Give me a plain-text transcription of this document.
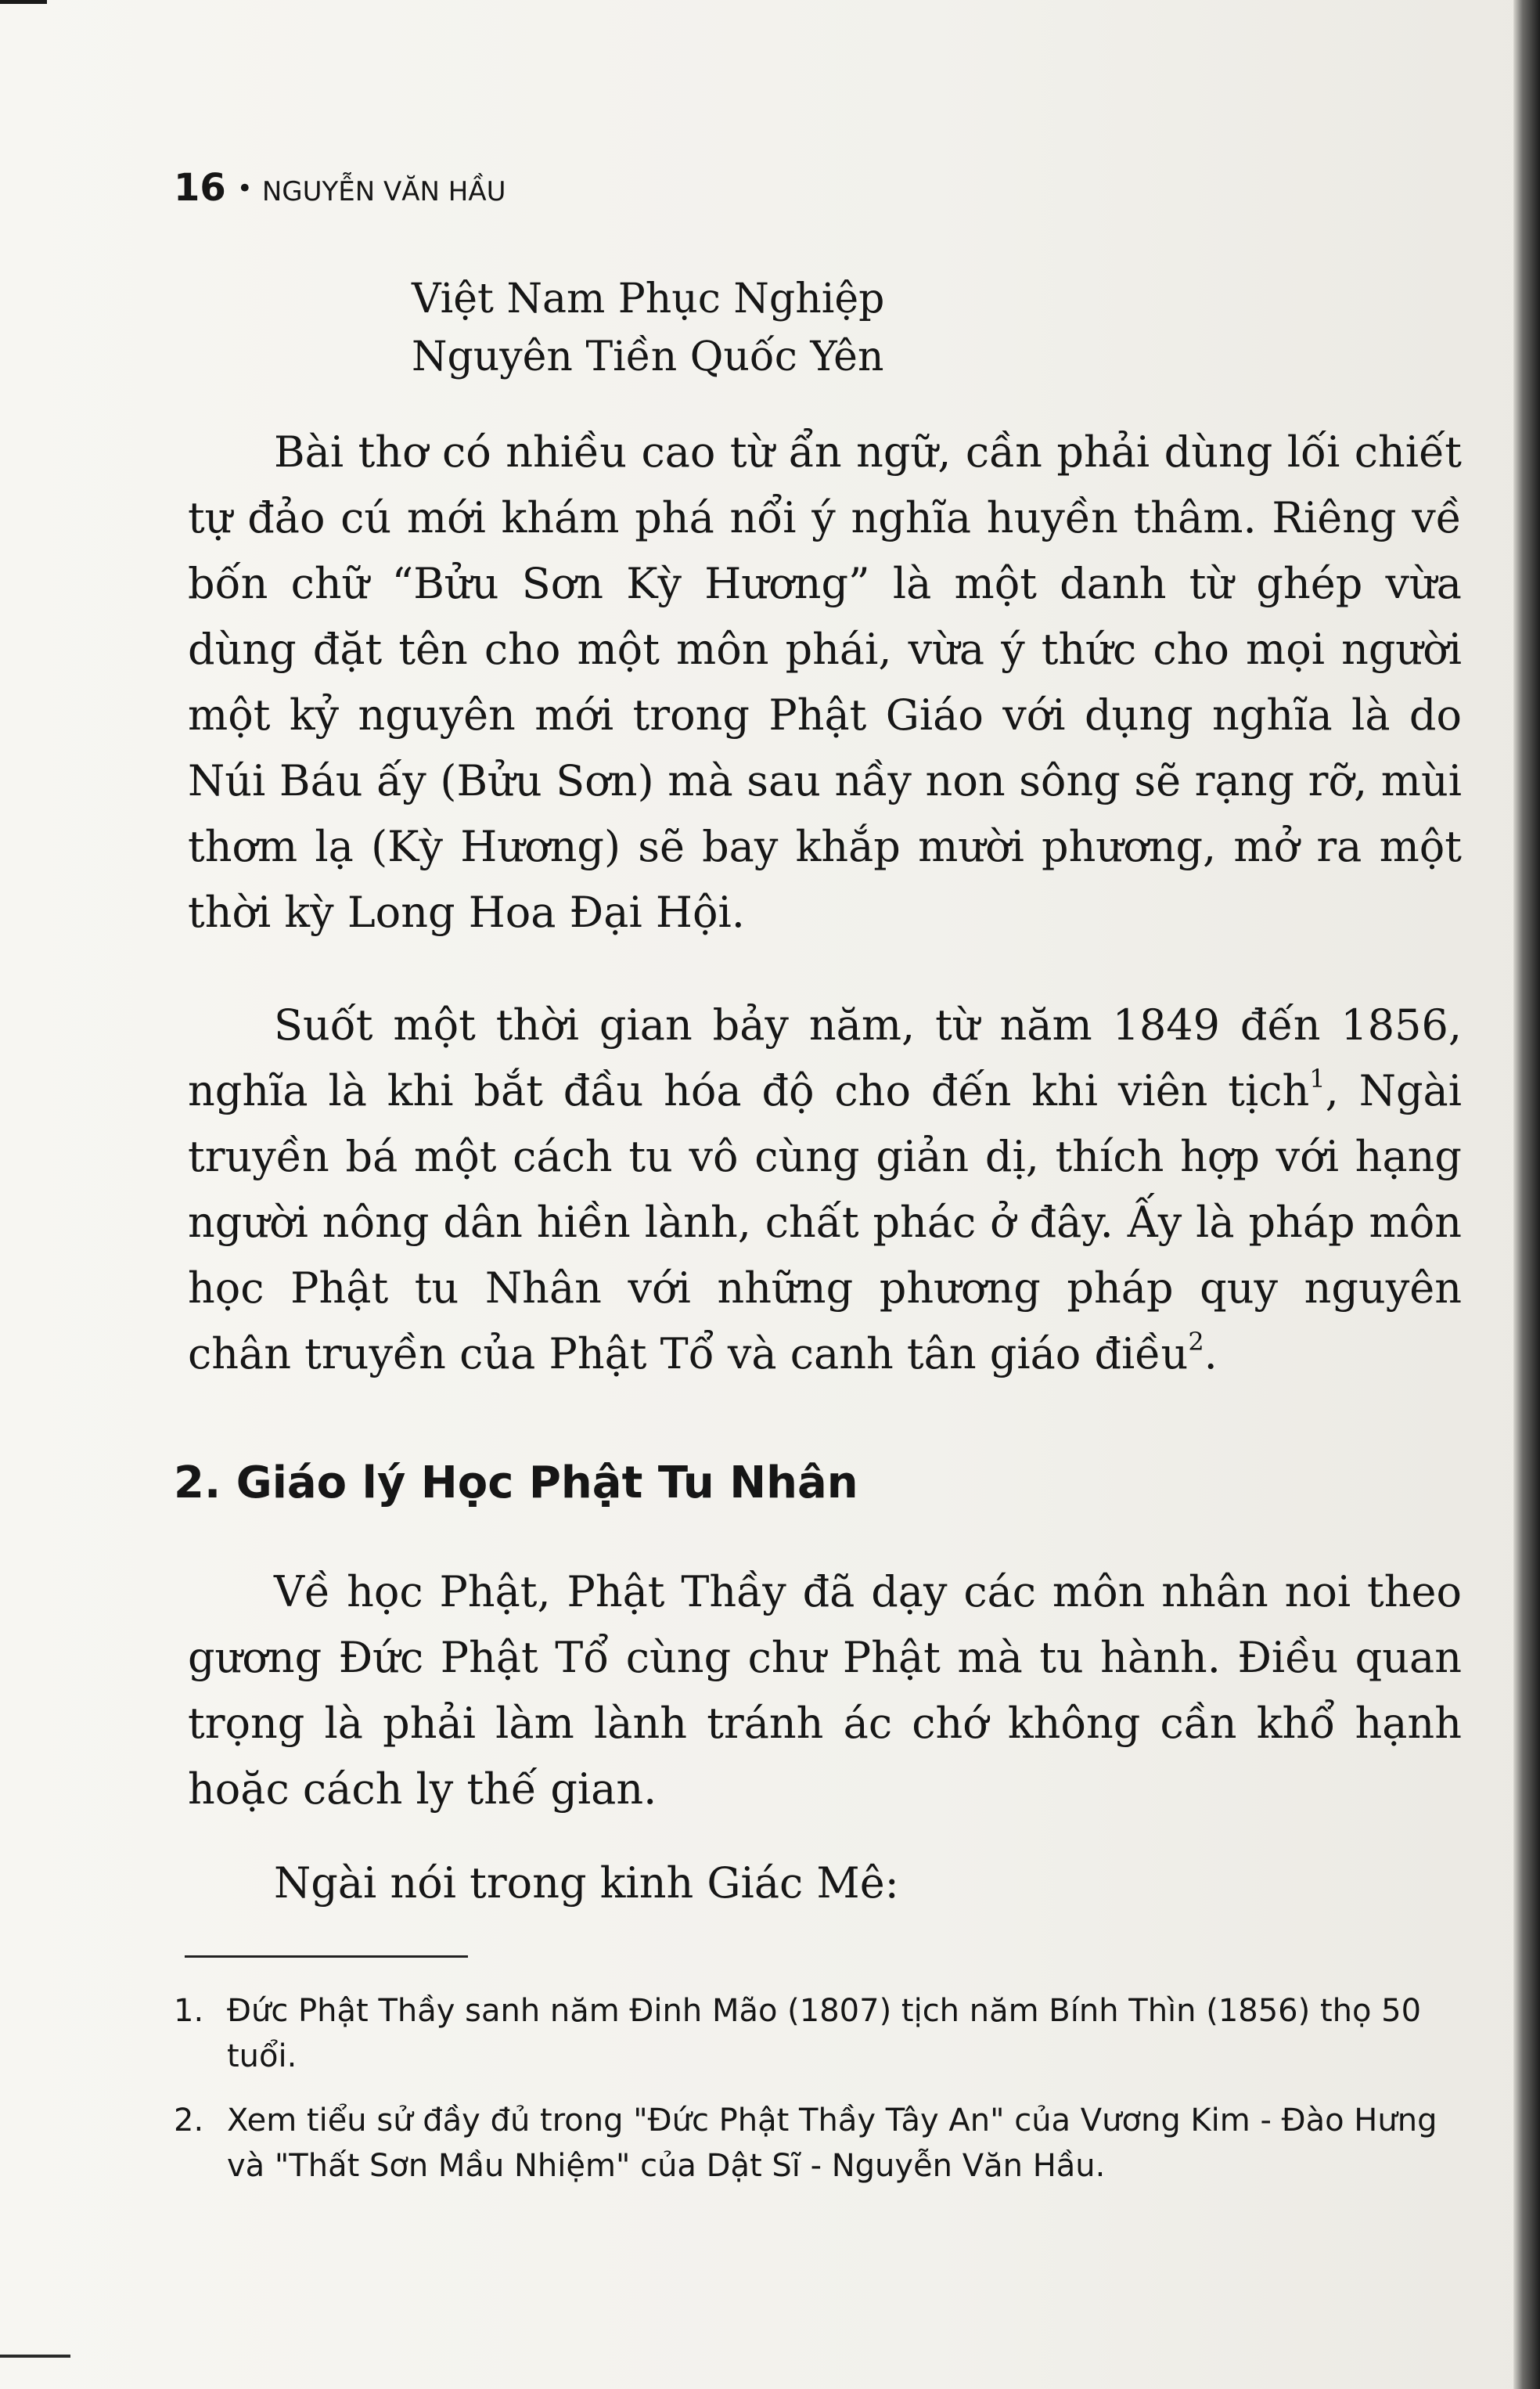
16 • NGUYỄN VĂN HẦU
Việt Nam Phục Nghiệp
Nguyên Tiền Quốc Yên

Bài thơ có nhiều cao từ ẩn ngữ, cần phải dùng lối chiết tự đảo cú mới khám phá nổi ý nghĩa huyền thâm. Riêng về bốn chữ “Bửu Sơn Kỳ Hương” là một danh từ ghép vừa dùng đặt tên cho một môn phái, vừa ý thức cho mọi người một kỷ nguyên mới trong Phật Giáo với dụng nghĩa là do Núi Báu ấy (Bửu Sơn) mà sau nầy non sông sẽ rạng rỡ, mùi thơm lạ (Kỳ Hương) sẽ bay khắp mười phương, mở ra một thời kỳ Long Hoa Đại Hội.

Suốt một thời gian bảy năm, từ năm 1849 đến 1856, nghĩa là khi bắt đầu hóa độ cho đến khi viên tịch$^1$, Ngài truyền bá một cách tu vô cùng giản dị, thích hợp với hạng người nông dân hiền lành, chất phác ở đây. Ấy là pháp môn học Phật tu Nhân với những phương pháp quy nguyên chân truyền của Phật Tổ và canh tân giáo điều$^2$.

2. Giáo lý Học Phật Tu Nhân

Về học Phật, Phật Thầy đã dạy các môn nhân noi theo gương Đức Phật Tổ cùng chư Phật mà tu hành. Điều quan trọng là phải làm lành tránh ác chớ không cần khổ hạnh hoặc cách ly thế gian.

Ngài nói trong kinh Giác Mê:

1. Đức Phật Thầy sanh năm Đinh Mão (1807) tịch năm Bính Thìn (1856) thọ 50 tuổi.
2. Xem tiểu sử đầy đủ trong "Đức Phật Thầy Tây An" của Vương Kim - Đào Hưng và "Thất Sơn Mầu Nhiệm" của Dật Sĩ - Nguyễn Văn Hầu.
